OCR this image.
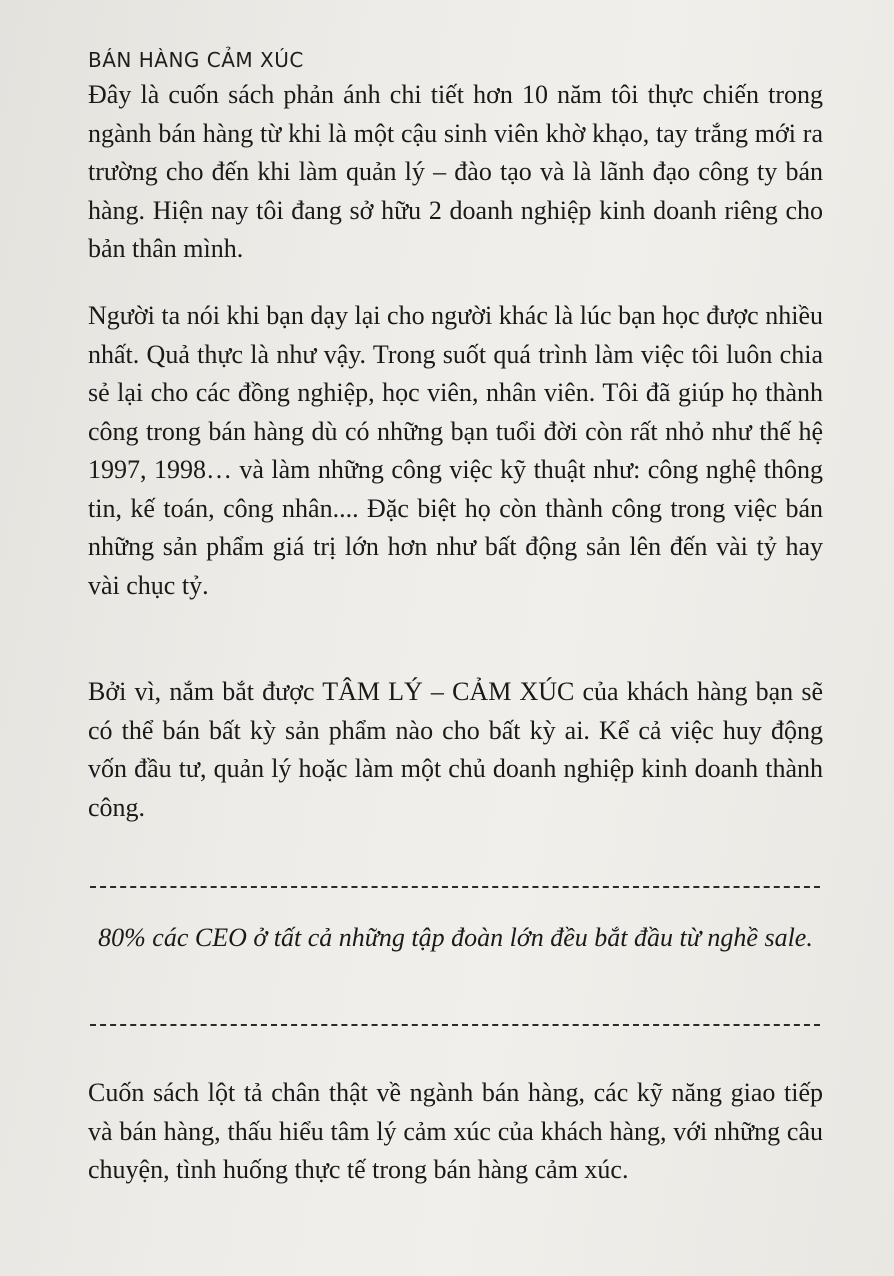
BÁN HÀNG CẢM XÚC

Đây là cuốn sách phản ánh chi tiết hơn 10 năm tôi thực chiến trong ngành bán hàng từ khi là một cậu sinh viên khờ khạo, tay trắng mới ra trường cho đến khi làm quản lý – đào tạo và là lãnh đạo công ty bán hàng. Hiện nay tôi đang sở hữu 2 doanh nghiệp kinh doanh riêng cho bản thân mình.

Người ta nói khi bạn dạy lại cho người khác là lúc bạn học được nhiều nhất. Quả thực là như vậy. Trong suốt quá trình làm việc tôi luôn chia sẻ lại cho các đồng nghiệp, học viên, nhân viên. Tôi đã giúp họ thành công trong bán hàng dù có những bạn tuổi đời còn rất nhỏ như thế hệ 1997, 1998… và làm những công việc kỹ thuật như: công nghệ thông tin, kế toán, công nhân.... Đặc biệt họ còn thành công trong việc bán những sản phẩm giá trị lớn hơn như bất động sản lên đến vài tỷ hay vài chục tỷ.

Bởi vì, nắm bắt được TÂM LÝ – CẢM XÚC của khách hàng bạn sẽ có thể bán bất kỳ sản phẩm nào cho bất kỳ ai. Kể cả việc huy động vốn đầu tư, quản lý hoặc làm một chủ doanh nghiệp kinh doanh thành công.

80% các CEO ở tất cả những tập đoàn lớn đều bắt đầu từ nghề sale.

Cuốn sách lột tả chân thật về ngành bán hàng, các kỹ năng giao tiếp và bán hàng, thấu hiểu tâm lý cảm xúc của khách hàng, với những câu chuyện, tình huống thực tế trong bán hàng cảm xúc.
